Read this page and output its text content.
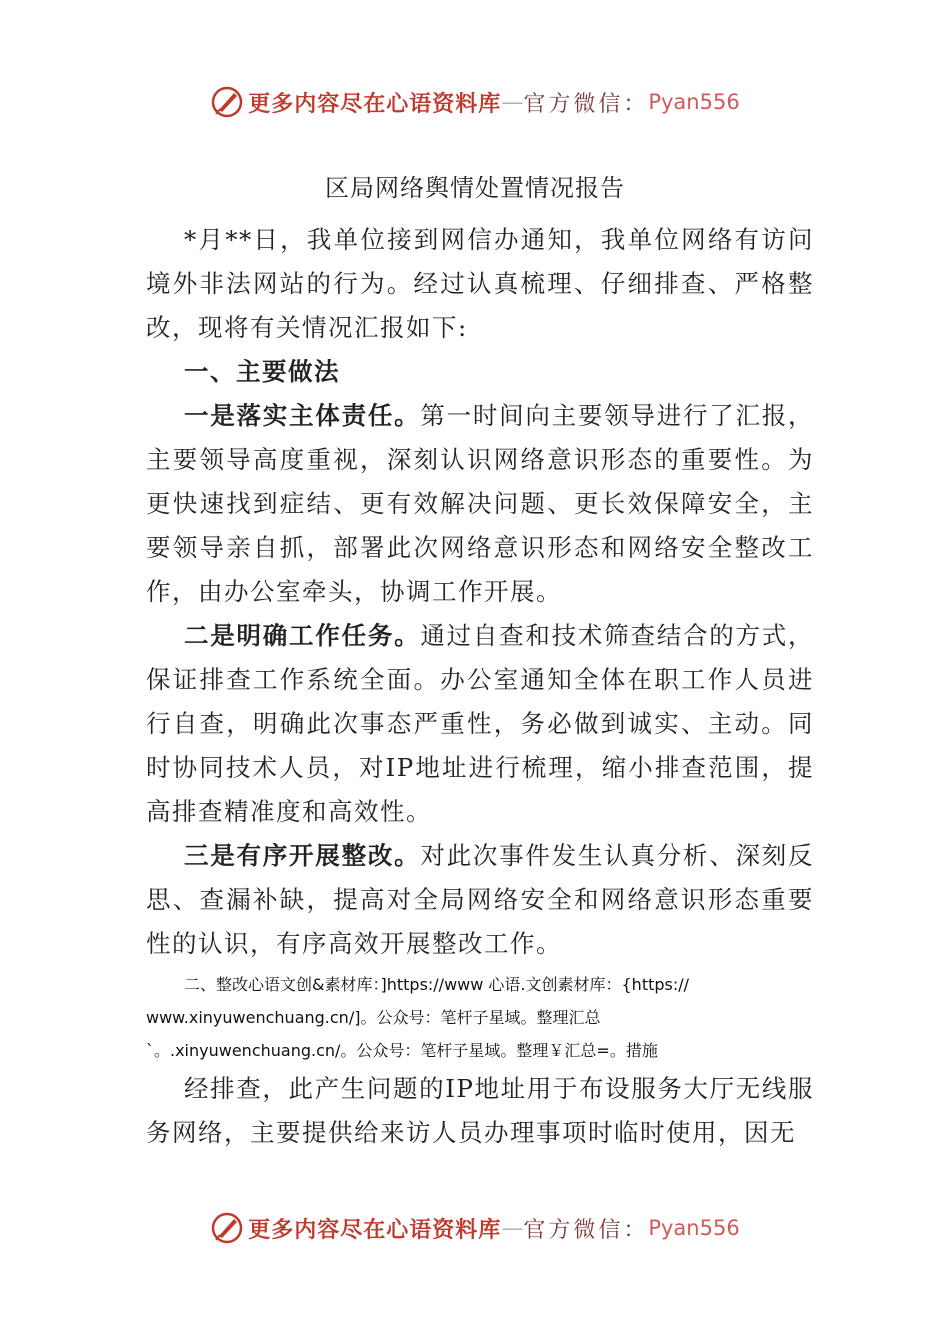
更多内容尽在心语资料库 — 官方微信： Pyan556
区局网络舆情处置情况报告

*月**日，我单位接到网信办通知，我单位网络有访问境外非法网站的行为。经过认真梳理、仔细排查、严格整改，现将有关情况汇报如下:

一、主要做法

一是落实主体责任。第一时间向主要领导进行了汇报，主要领导高度重视，深刻认识网络意识形态的重要性。为更快速找到症结、更有效解决问题、更长效保障安全，主要领导亲自抓，部署此次网络意识形态和网络安全整改工作，由办公室牵头，协调工作开展。

二是明确工作任务。通过自查和技术筛查结合的方式，保证排查工作系统全面。办公室通知全体在职工作人员进行自查，明确此次事态严重性，务必做到诚实、主动。同时协同技术人员，对IP地址进行梳理，缩小排查范围，提高排查精准度和高效性。

三是有序开展整改。对此次事件发生认真分析、深刻反思、查漏补缺，提高对全局网络安全和网络意识形态重要性的认识，有序高效开展整改工作。

二、整改心语文创&素材库：]https://www 心语.文创素材库：{https://

www.xinyuwenchuang.cn/]。公众号：笔杆子星域。整理汇总

`。.xinyuwenchuang.cn/。公众号：笔杆子星域。整理￥汇总=。措施

经排查，此产生问题的IP地址用于布设服务大厅无线服务网络，主要提供给来访人员办理事项时临时使用，因无

更多内容尽在心语资料库 — 官方微信： Pyan556
